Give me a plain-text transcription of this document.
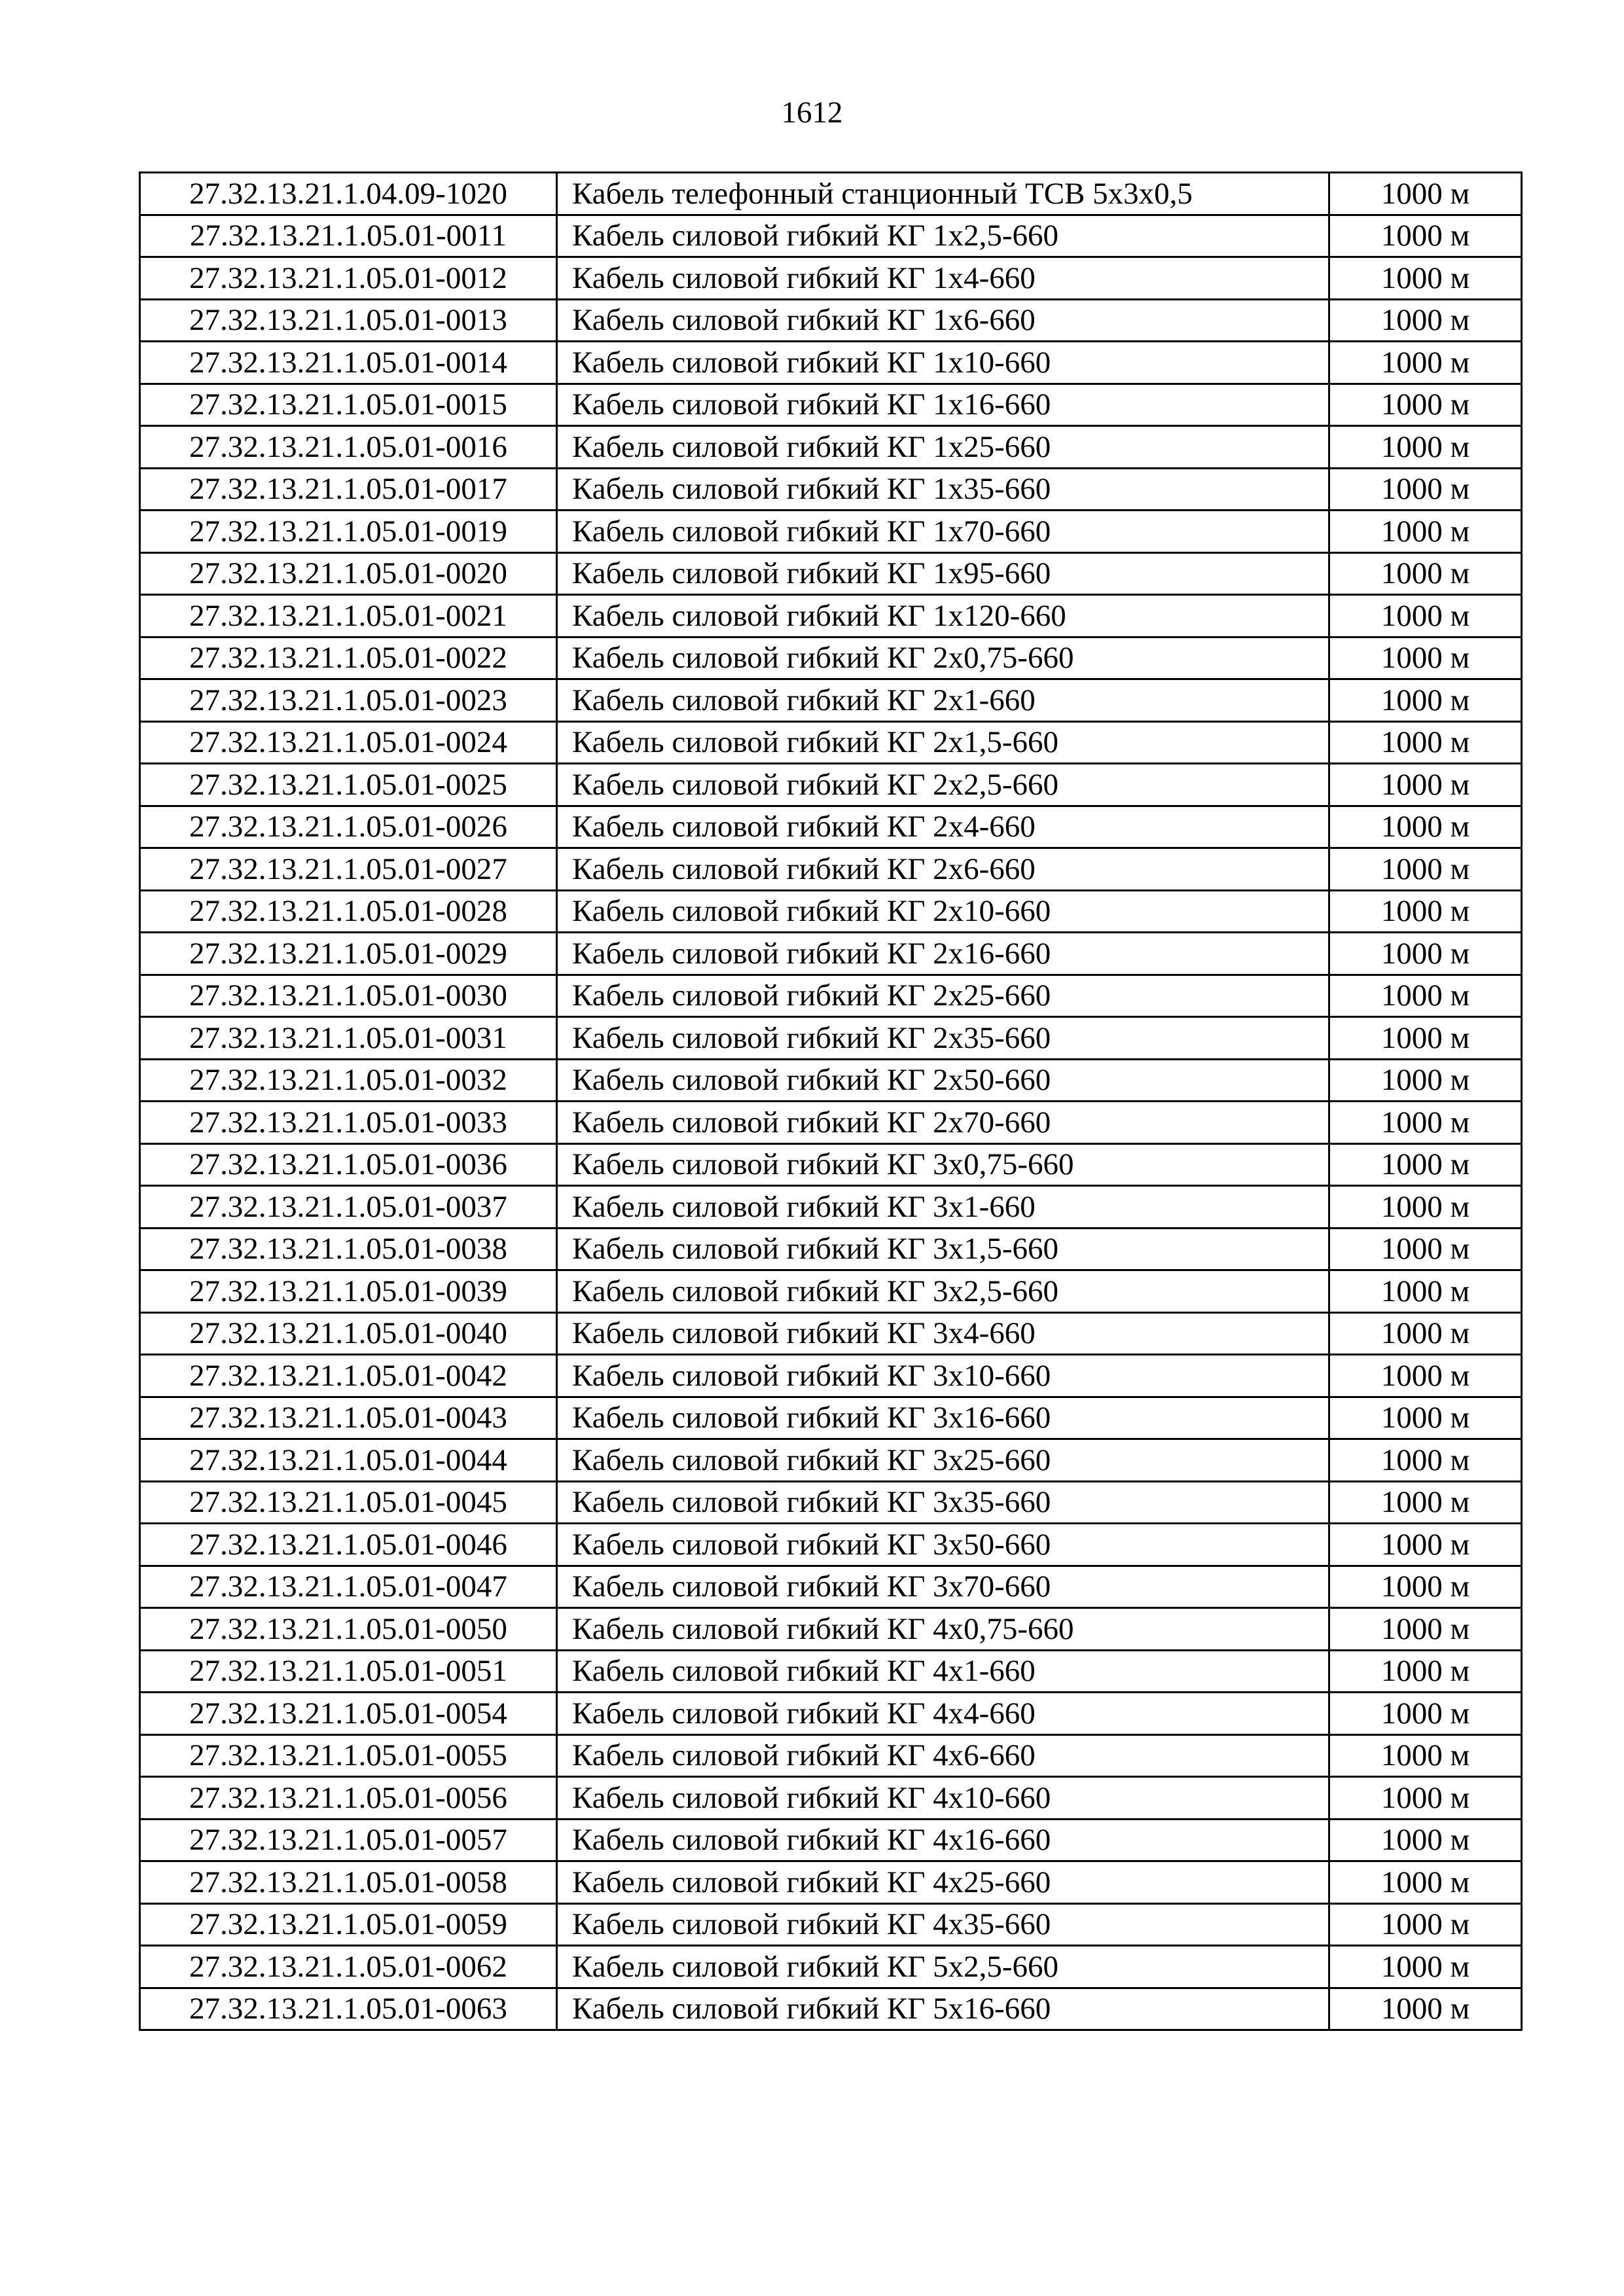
1612
27.32.13.21.1.04.09-1020	Кабель телефонный станционный ТСВ 5х3х0,5	1000 м
27.32.13.21.1.05.01-0011	Кабель силовой гибкий КГ 1х2,5-660	1000 м
27.32.13.21.1.05.01-0012	Кабель силовой гибкий КГ 1х4-660	1000 м
27.32.13.21.1.05.01-0013	Кабель силовой гибкий КГ 1х6-660	1000 м
27.32.13.21.1.05.01-0014	Кабель силовой гибкий КГ 1х10-660	1000 м
27.32.13.21.1.05.01-0015	Кабель силовой гибкий КГ 1х16-660	1000 м
27.32.13.21.1.05.01-0016	Кабель силовой гибкий КГ 1х25-660	1000 м
27.32.13.21.1.05.01-0017	Кабель силовой гибкий КГ 1х35-660	1000 м
27.32.13.21.1.05.01-0019	Кабель силовой гибкий КГ 1х70-660	1000 м
27.32.13.21.1.05.01-0020	Кабель силовой гибкий КГ 1х95-660	1000 м
27.32.13.21.1.05.01-0021	Кабель силовой гибкий КГ 1х120-660	1000 м
27.32.13.21.1.05.01-0022	Кабель силовой гибкий КГ 2х0,75-660	1000 м
27.32.13.21.1.05.01-0023	Кабель силовой гибкий КГ 2х1-660	1000 м
27.32.13.21.1.05.01-0024	Кабель силовой гибкий КГ 2х1,5-660	1000 м
27.32.13.21.1.05.01-0025	Кабель силовой гибкий КГ 2х2,5-660	1000 м
27.32.13.21.1.05.01-0026	Кабель силовой гибкий КГ 2х4-660	1000 м
27.32.13.21.1.05.01-0027	Кабель силовой гибкий КГ 2х6-660	1000 м
27.32.13.21.1.05.01-0028	Кабель силовой гибкий КГ 2х10-660	1000 м
27.32.13.21.1.05.01-0029	Кабель силовой гибкий КГ 2х16-660	1000 м
27.32.13.21.1.05.01-0030	Кабель силовой гибкий КГ 2х25-660	1000 м
27.32.13.21.1.05.01-0031	Кабель силовой гибкий КГ 2х35-660	1000 м
27.32.13.21.1.05.01-0032	Кабель силовой гибкий КГ 2х50-660	1000 м
27.32.13.21.1.05.01-0033	Кабель силовой гибкий КГ 2х70-660	1000 м
27.32.13.21.1.05.01-0036	Кабель силовой гибкий КГ 3х0,75-660	1000 м
27.32.13.21.1.05.01-0037	Кабель силовой гибкий КГ 3х1-660	1000 м
27.32.13.21.1.05.01-0038	Кабель силовой гибкий КГ 3х1,5-660	1000 м
27.32.13.21.1.05.01-0039	Кабель силовой гибкий КГ 3х2,5-660	1000 м
27.32.13.21.1.05.01-0040	Кабель силовой гибкий КГ 3х4-660	1000 м
27.32.13.21.1.05.01-0042	Кабель силовой гибкий КГ 3х10-660	1000 м
27.32.13.21.1.05.01-0043	Кабель силовой гибкий КГ 3х16-660	1000 м
27.32.13.21.1.05.01-0044	Кабель силовой гибкий КГ 3х25-660	1000 м
27.32.13.21.1.05.01-0045	Кабель силовой гибкий КГ 3х35-660	1000 м
27.32.13.21.1.05.01-0046	Кабель силовой гибкий КГ 3х50-660	1000 м
27.32.13.21.1.05.01-0047	Кабель силовой гибкий КГ 3х70-660	1000 м
27.32.13.21.1.05.01-0050	Кабель силовой гибкий КГ 4х0,75-660	1000 м
27.32.13.21.1.05.01-0051	Кабель силовой гибкий КГ 4х1-660	1000 м
27.32.13.21.1.05.01-0054	Кабель силовой гибкий КГ 4х4-660	1000 м
27.32.13.21.1.05.01-0055	Кабель силовой гибкий КГ 4х6-660	1000 м
27.32.13.21.1.05.01-0056	Кабель силовой гибкий КГ 4х10-660	1000 м
27.32.13.21.1.05.01-0057	Кабель силовой гибкий КГ 4х16-660	1000 м
27.32.13.21.1.05.01-0058	Кабель силовой гибкий КГ 4х25-660	1000 м
27.32.13.21.1.05.01-0059	Кабель силовой гибкий КГ 4х35-660	1000 м
27.32.13.21.1.05.01-0062	Кабель силовой гибкий КГ 5х2,5-660	1000 м
27.32.13.21.1.05.01-0063	Кабель силовой гибкий КГ 5х16-660	1000 м
